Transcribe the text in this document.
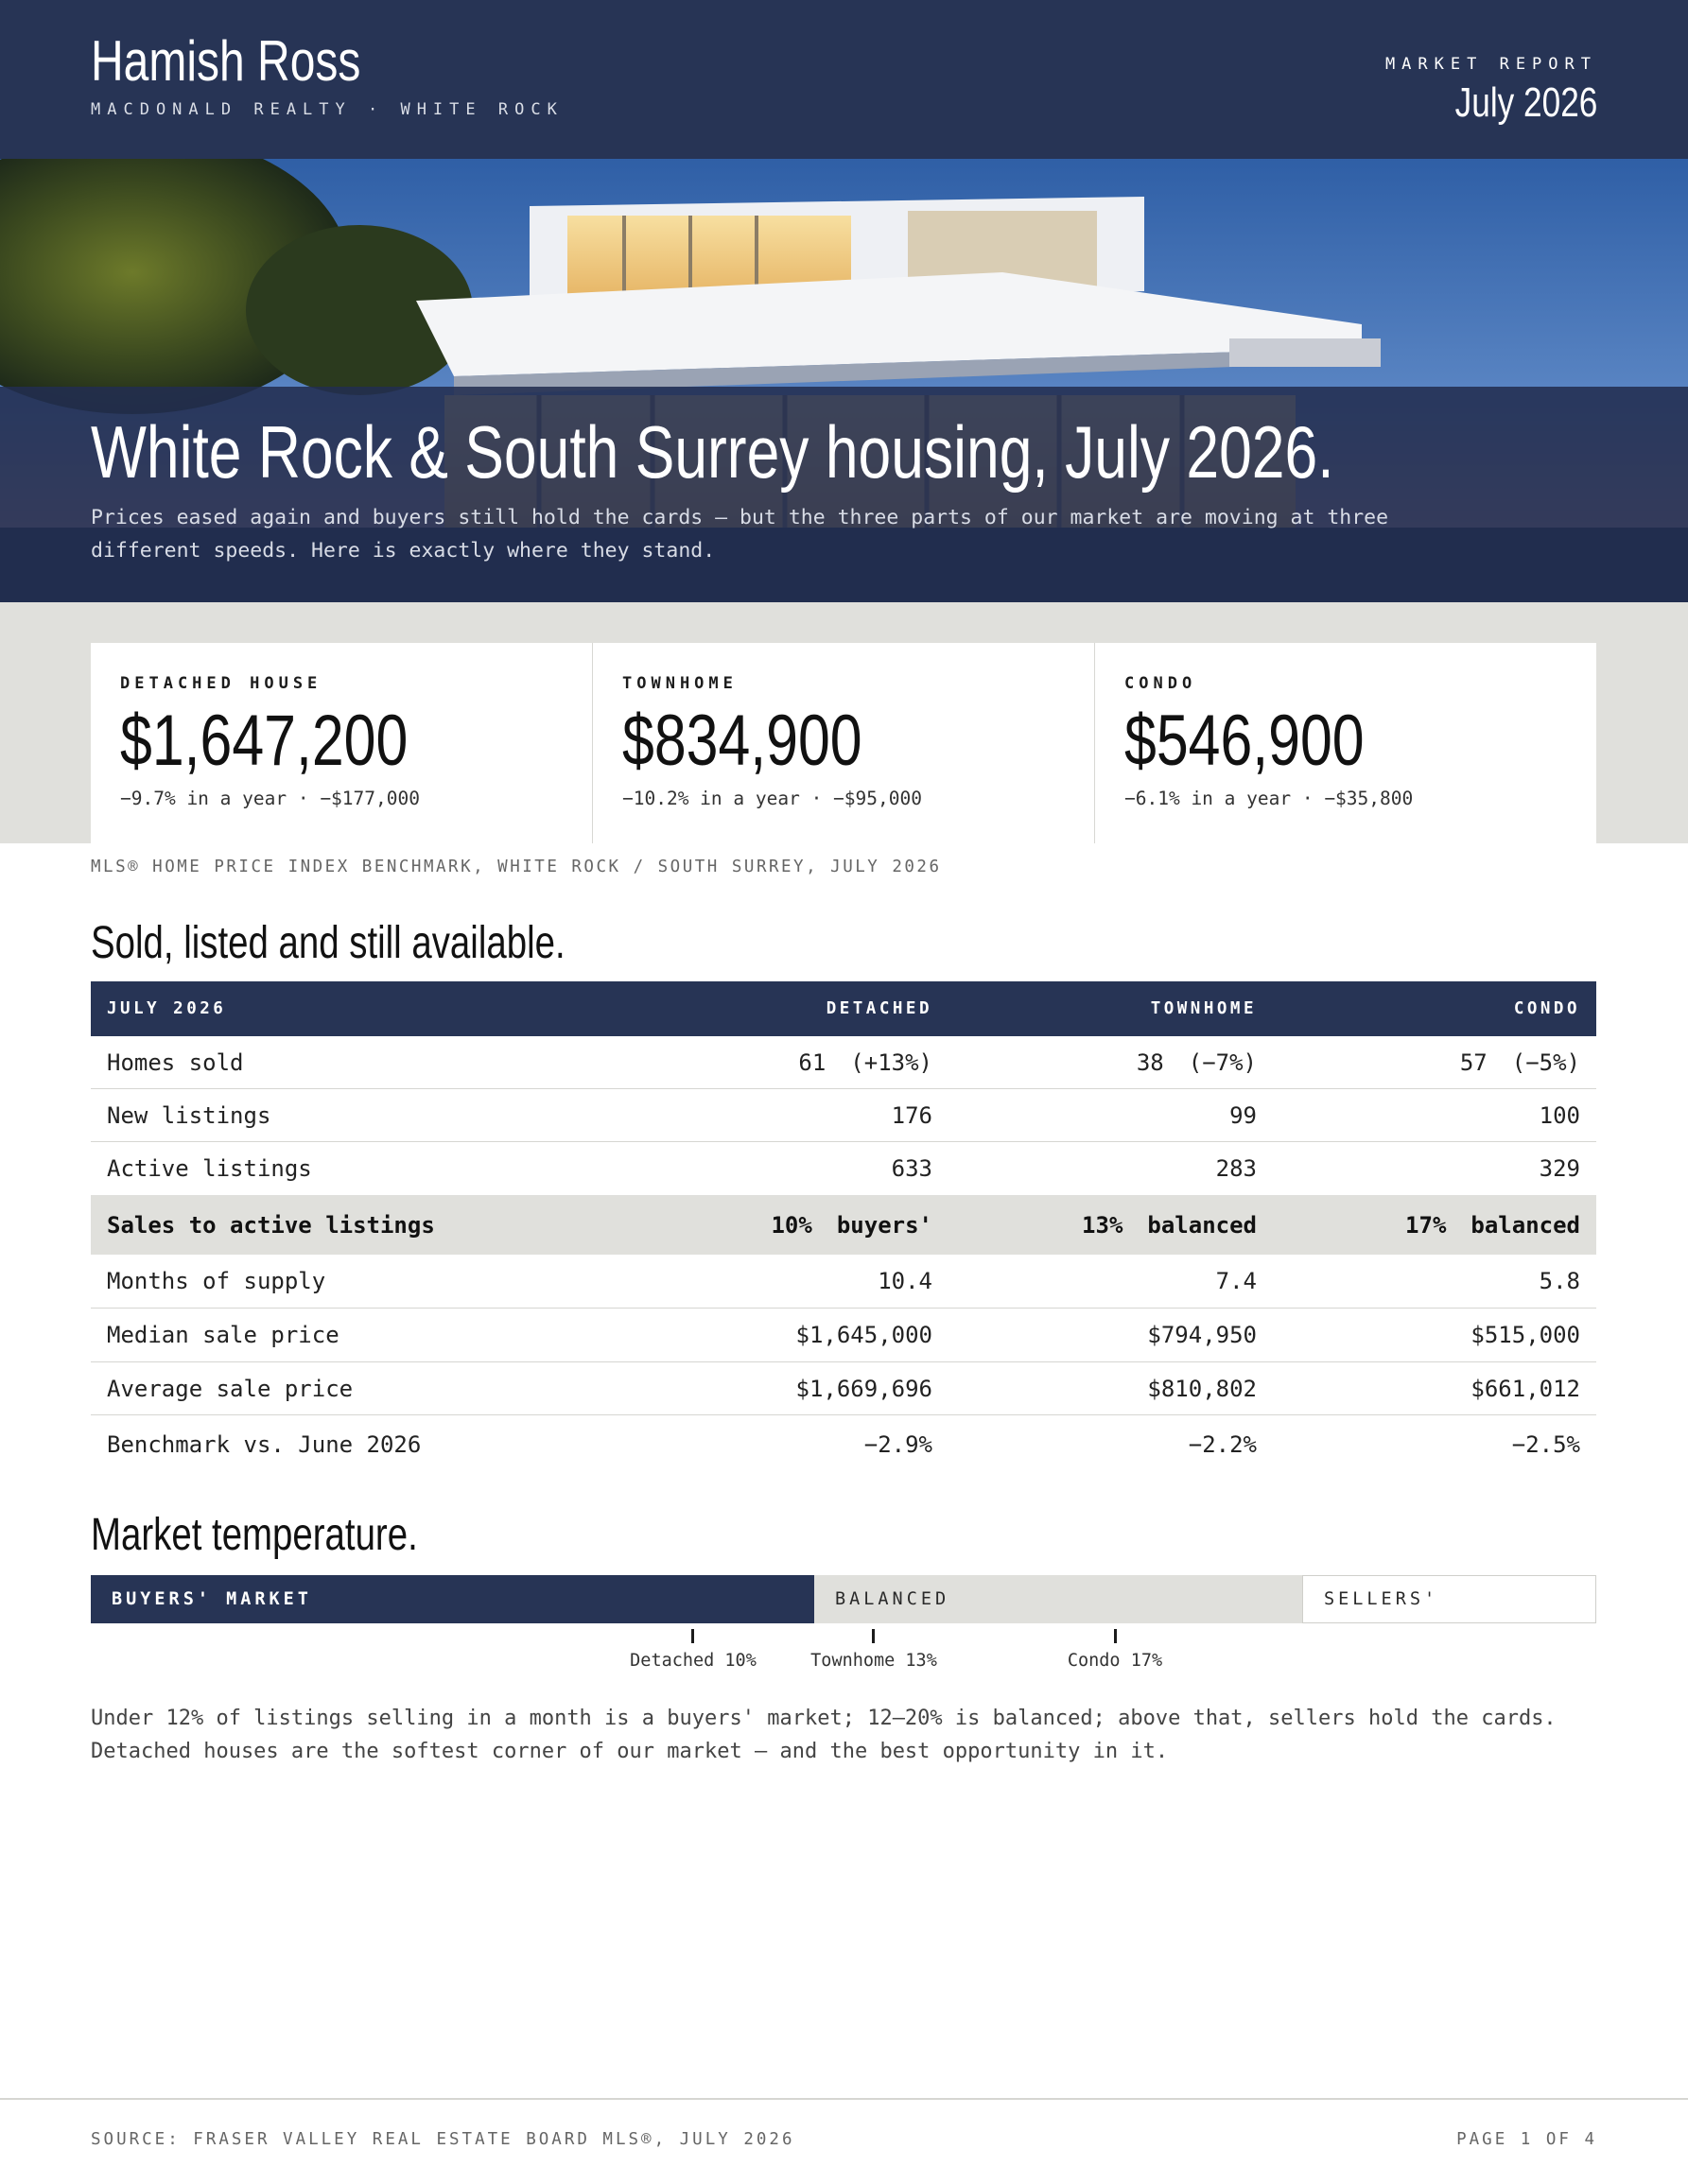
Hamish Ross
MACDONALD REALTY · WHITE ROCK
MARKET REPORT
July 2026
White Rock & South Surrey housing, July 2026.
Prices eased again and buyers still hold the cards — but the three parts of our market are moving at three different speeds. Here is exactly where they stand.
DETACHED HOUSE
$1,647,200
−9.7% in a year · −$177,000
TOWNHOME
$834,900
−10.2% in a year · −$95,000
CONDO
$546,900
−6.1% in a year · −$35,800
MLS® HOME PRICE INDEX BENCHMARK, WHITE ROCK / SOUTH SURREY, JULY 2026
Sold, listed and still available.
JULY 2026	DETACHED	TOWNHOME	CONDO
Homes sold	61 (+13%)	38 (−7%)	57 (−5%)
New listings	176	99	100
Active listings	633	283	329
Sales to active listings	10% buyers'	13% balanced	17% balanced
Months of supply	10.4	7.4	5.8
Median sale price	$1,645,000	$794,950	$515,000
Average sale price	$1,669,696	$810,802	$661,012
Benchmark vs. June 2026	−2.9%	−2.2%	−2.5%
Market temperature.
BUYERS' MARKET	BALANCED	SELLERS'
Detached 10%	Townhome 13%	Condo 17%
Under 12% of listings selling in a month is a buyers' market; 12–20% is balanced; above that, sellers hold the cards. Detached houses are the softest corner of our market — and the best opportunity in it.
SOURCE: FRASER VALLEY REAL ESTATE BOARD MLS®, JULY 2026	PAGE 1 OF 4
